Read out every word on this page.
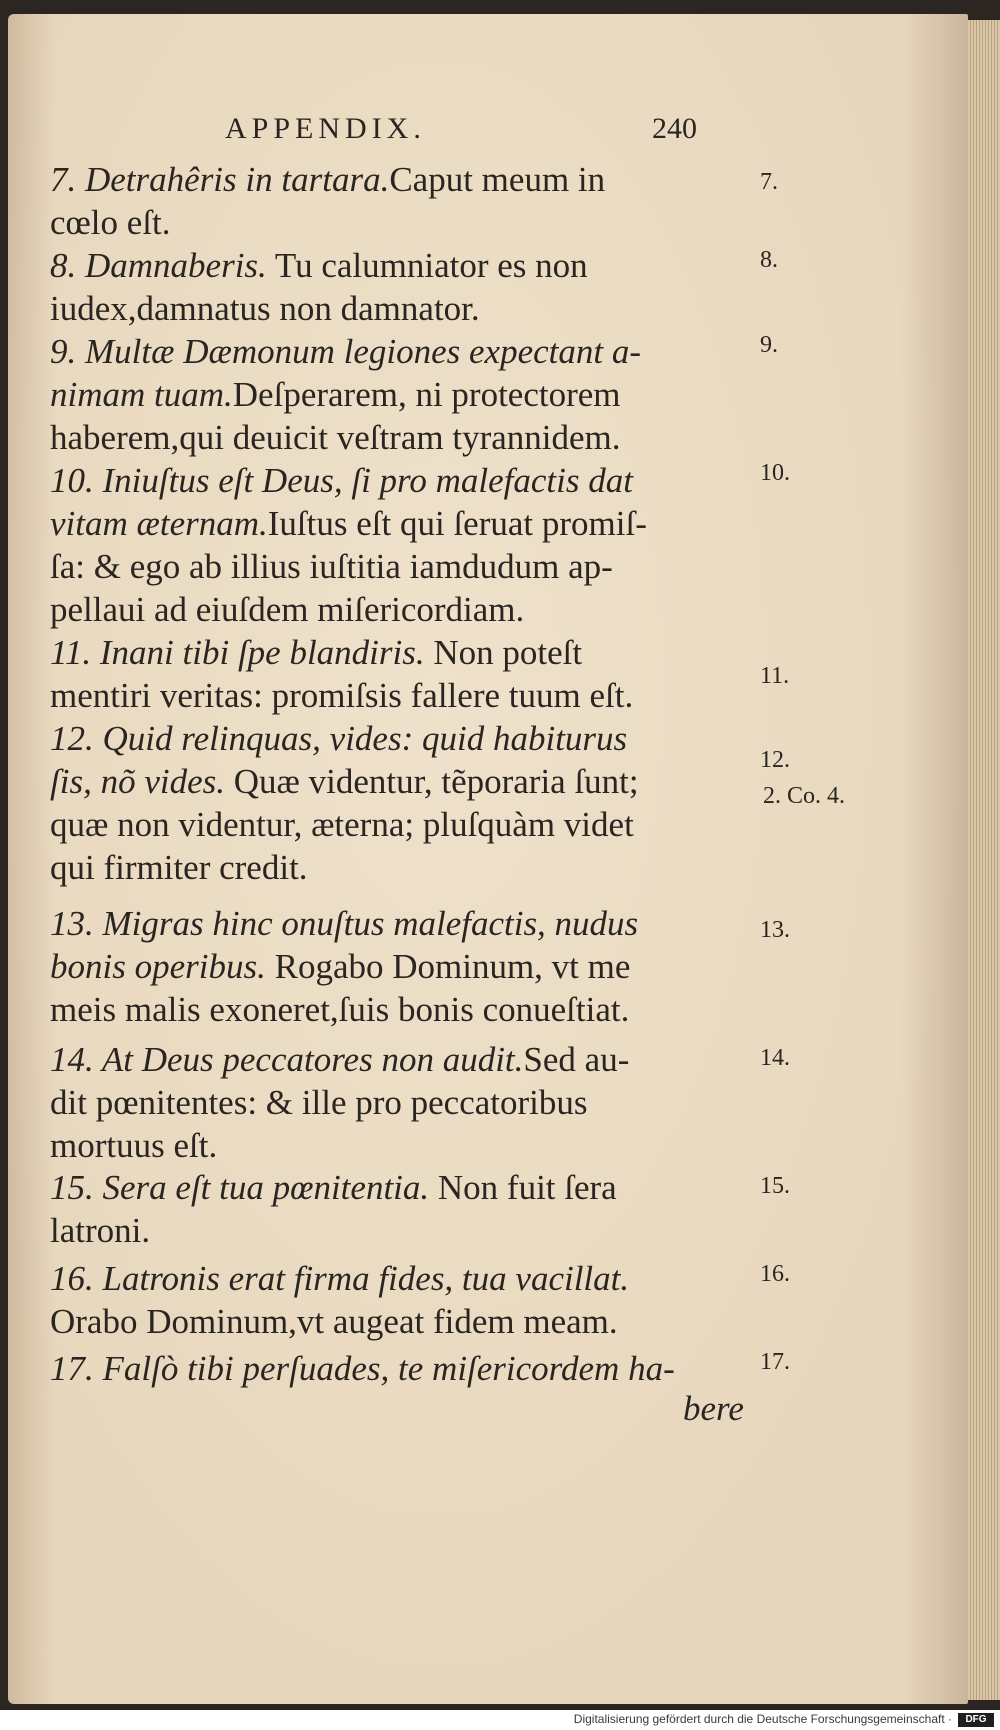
APPENDIX.	240
7. Detrahêris in tartara.Caput meum in
cœlo eſt.
8. Damnaberis. Tu calumniator es non
iudex,damnatus non damnator.
9. Multæ Dæmonum legiones expectant a-
nimam tuam.Deſperarem, ni protectorem
haberem,qui deuicit veſtram tyrannidem.
10. Iniuſtus eſt Deus, ſi pro malefactis dat
vitam æternam.Iuſtus eſt qui ſeruat promiſ-
ſa: & ego ab illius iuſtitia iamdudum ap-
pellaui ad eiuſdem miſericordiam.
11. Inani tibi ſpe blandiris. Non poteſt
mentiri veritas: promiſsis fallere tuum eſt.
12. Quid relinquas, vides: quid habiturus
ſis, nõ vides. Quæ videntur, tẽporaria ſunt;
quæ non videntur, æterna; pluſquàm videt
qui firmiter credit.
13. Migras hinc onuſtus malefactis, nudus
bonis operibus. Rogabo Dominum, vt me
meis malis exoneret,ſuis bonis conueſtiat.
14. At Deus peccatores non audit.Sed au-
dit pœnitentes: & ille pro peccatoribus
mortuus eſt.
15. Sera eſt tua pœnitentia. Non fuit ſera
latroni.
16. Latronis erat firma fides, tua vacillat.
Orabo Dominum,vt augeat fidem meam.
17. Falſò tibi perſuades, te miſericordem ha-
bere
7.
8.
9.
10.
11.
12.
2. Co. 4.
13.
14.
15.
16.
17.
Digitalisierung gefördert durch die Deutsche Forschungsgemeinschaft ·	DFG
